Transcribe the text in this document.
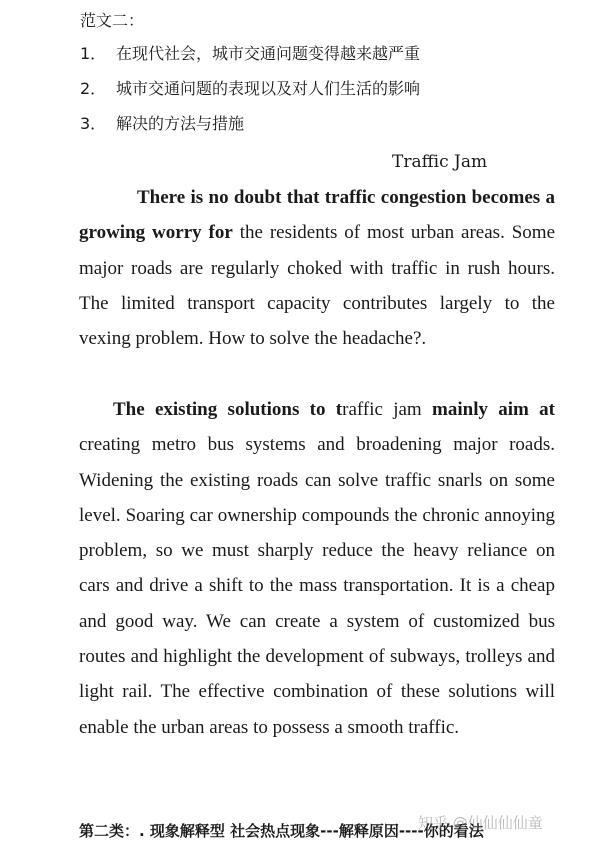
范文二：
1． 在现代社会，城市交通问题变得越来越严重
2． 城市交通问题的表现以及对人们生活的影响
3． 解决的方法与措施
Traffic Jam

There is no doubt that traffic congestion becomes a growing worry for the residents of most urban areas. Some major roads are regularly choked with traffic in rush hours. The limited transport capacity contributes largely to the vexing problem. How to solve the headache?.

The existing solutions to traffic jam mainly aim at creating metro bus systems and broadening major roads. Widening the existing roads can solve traffic snarls on some level. Soaring car ownership compounds the chronic annoying problem, so we must sharply reduce the heavy reliance on cars and drive a shift to the mass transportation. It is a cheap and good way. We can create a system of customized bus routes and highlight the development of subways, trolleys and light rail. The effective combination of these solutions will enable the urban areas to possess a smooth traffic.

第二类：. 现象解释型 社会热点现象---解释原因----你的看法
知乎 @仙仙仙仙童
